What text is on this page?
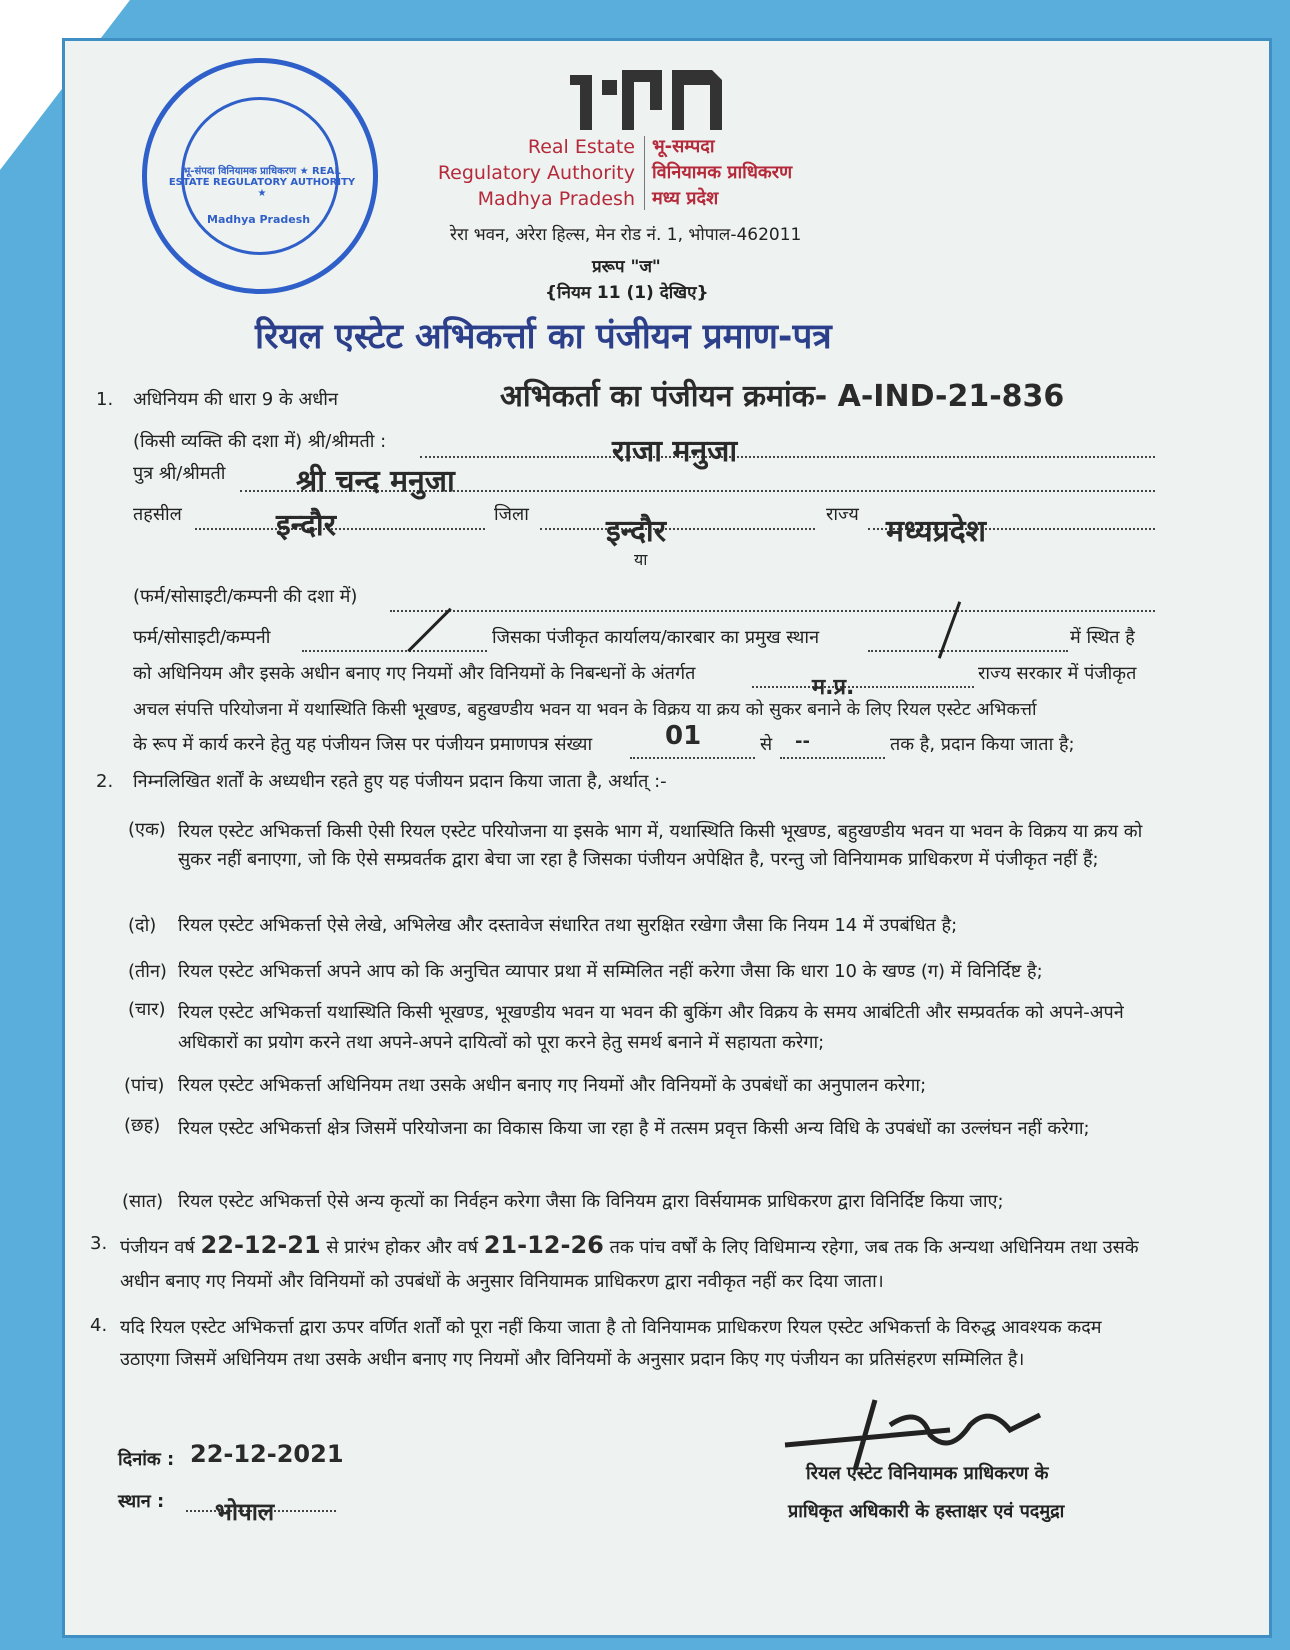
भू-संपदा विनियामक प्राधिकरण ★ REAL ESTATE REGULATORY AUTHORITY ★
Madhya Pradesh
Real Estate
Regulatory Authority
Madhya Pradesh
भू-सम्पदा
विनियामक प्राधिकरण
मध्य प्रदेश
रेरा भवन, अरेरा हिल्स, मेन रोड नं. 1, भोपाल-462011
प्ररूप "ज"
{नियम 11 (1) देखिए}
रियल एस्टेट अभिकर्त्ता का पंजीयन प्रमाण-पत्र
अभिकर्ता का पंजीयन क्रमांक- A-IND-21-836
1. अधिनियम की धारा 9 के अधीन
(किसी व्यक्ति की दशा में) श्री/श्रीमती :	राजा मनुजा
पुत्र श्री/श्रीमती श्री चन्द मनुजा
तहसील	इन्दौर	जिला	इन्दौर
या
राज्य मध्यप्रदेश
(फर्म/सोसाइटी/कम्पनी की दशा में)
फर्म/सोसाइटी/कम्पनी	जिसका पंजीकृत कार्यालय/कारबार का प्रमुख स्थान	में स्थित है
को अधिनियम और इसके अधीन बनाए गए नियमों और विनियमों के निबन्धनों के अंतर्गत	राज्य सरकार में पंजीकृत
म.प्र.
अचल संपत्ति परियोजना में यथास्थिति किसी भूखण्ड, बहुखण्डीय भवन या भवन के विक्रय या क्रय को सुकर बनाने के लिए रियल एस्टेट अभिकर्त्ता
के रूप में कार्य करने हेतु यह पंजीयन जिस पर पंजीयन प्रमाणपत्र संख्या	01	से --	तक है, प्रदान किया जाता है;
2. निम्नलिखित शर्तों के अध्यधीन रहते हुए यह पंजीयन प्रदान किया जाता है, अर्थात् :-
(एक) रियल एस्टेट अभिकर्त्ता किसी ऐसी रियल एस्टेट परियोजना या इसके भाग में, यथास्थिति किसी भूखण्ड, बहुखण्डीय भवन या भवन के विक्रय या क्रय को सुकर नहीं बनाएगा, जो कि ऐसे सम्प्रवर्तक द्वारा बेचा जा रहा है जिसका पंजीयन अपेक्षित है, परन्तु जो विनियामक प्राधिकरण में पंजीकृत नहीं हैं;
(दो) रियल एस्टेट अभिकर्त्ता ऐसे लेखे, अभिलेख और दस्तावेज संधारित तथा सुरक्षित रखेगा जैसा कि नियम 14 में उपबंधित है;
(तीन) रियल एस्टेट अभिकर्त्ता अपने आप को कि अनुचित व्यापार प्रथा में सम्मिलित नहीं करेगा जैसा कि धारा 10 के खण्ड (ग) में विनिर्दिष्ट है;
(चार) रियल एस्टेट अभिकर्त्ता यथास्थिति किसी भूखण्ड, भूखण्डीय भवन या भवन की बुकिंग और विक्रय के समय आबंटिती और सम्प्रवर्तक को अपने-अपने अधिकारों का प्रयोग करने तथा अपने-अपने दायित्वों को पूरा करने हेतु समर्थ बनाने में सहायता करेगा;
(पांच) रियल एस्टेट अभिकर्त्ता अधिनियम तथा उसके अधीन बनाए गए नियमों और विनियमों के उपबंधों का अनुपालन करेगा;
(छह) रियल एस्टेट अभिकर्त्ता क्षेत्र जिसमें परियोजना का विकास किया जा रहा है में तत्सम प्रवृत्त किसी अन्य विधि के उपबंधों का उल्लंघन नहीं करेगा;
(सात) रियल एस्टेट अभिकर्त्ता ऐसे अन्य कृत्यों का निर्वहन करेगा जैसा कि विनियम द्वारा विर्सयामक प्राधिकरण द्वारा विनिर्दिष्ट किया जाए;
3. पंजीयन वर्ष 22-12-21 से प्रारंभ होकर और वर्ष 21-12-26 तक पांच वर्षों के लिए विधिमान्य रहेगा, जब तक कि अन्यथा अधिनियम तथा उसके अधीन बनाए गए नियमों और विनियमों को उपबंधों के अनुसार विनियामक प्राधिकरण द्वारा नवीकृत नहीं कर दिया जाता।
4. यदि रियल एस्टेट अभिकर्त्ता द्वारा ऊपर वर्णित शर्तों को पूरा नहीं किया जाता है तो विनियामक प्राधिकरण रियल एस्टेट अभिकर्त्ता के विरुद्ध आवश्यक कदम उठाएगा जिसमें अधिनियम तथा उसके अधीन बनाए गए नियमों और विनियमों के अनुसार प्रदान किए गए पंजीयन का प्रतिसंहरण सम्मिलित है।
दिनांक : 22-12-2021
स्थान : भोपाल
रियल एस्टेट विनियामक प्राधिकरण के
प्राधिकृत अधिकारी के हस्ताक्षर एवं पदमुद्रा
